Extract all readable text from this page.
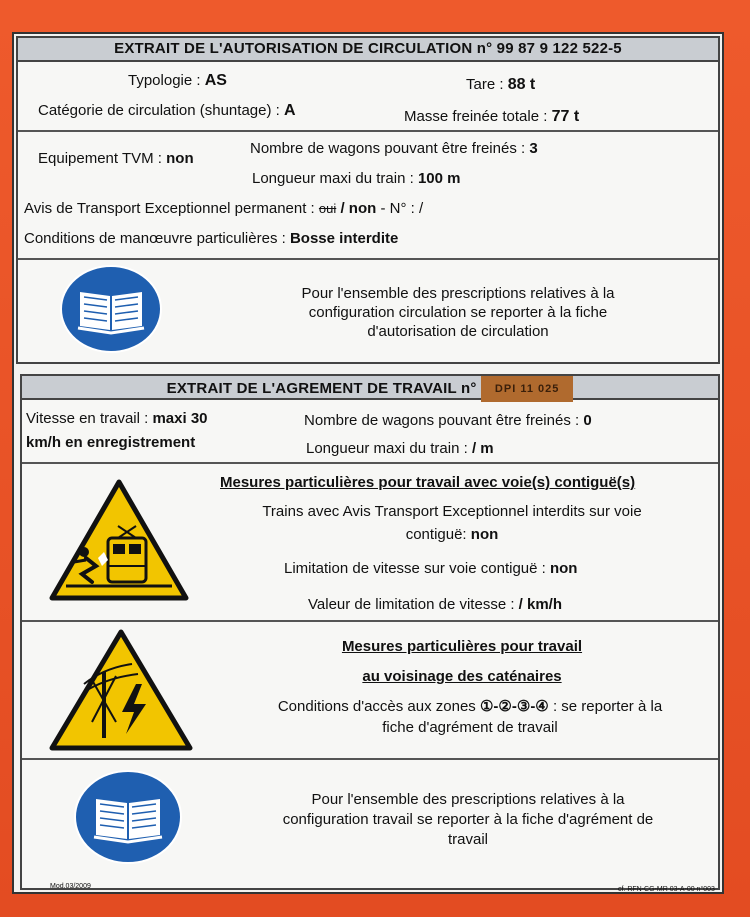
EXTRAIT DE L'AUTORISATION DE CIRCULATION n° 99 87 9 122 522-5
Typologie : AS	Tare : 88 t
Catégorie de circulation (shuntage) : A	Masse freinée totale : 77 t
Equipement TVM : non
Nombre de wagons pouvant être freinés : 3
Longueur maxi du train : 100 m
Avis de Transport Exceptionnel permanent : oui / non - N° : /
Conditions de manœuvre particulières : Bosse interdite
Pour l'ensemble des prescriptions relatives à la
configuration circulation se reporter à la fiche
d'autorisation de circulation
EXTRAIT DE L'AGREMENT DE TRAVAIL n° DPI 11 025
Vitesse en travail : maxi 30
km/h en enregistrement
Nombre de wagons pouvant être freinés : 0
Longueur maxi du train : / m
Mesures particulières pour travail avec voie(s) contiguë(s)
Trains avec Avis Transport Exceptionnel interdits sur voie
contiguë: non
Limitation de vitesse sur voie contiguë : non
Valeur de limitation de vitesse : / km/h
Mesures particulières pour travail
au voisinage des caténaires
Conditions d'accès aux zones ①-②-③-④ : se reporter à la
fiche d'agrément de travail
Pour l'ensemble des prescriptions relatives à la
configuration travail se reporter à la fiche d'agrément de
travail
Mod.03/2009	cf. RFN-CG-MR 03-A-00 n°003
